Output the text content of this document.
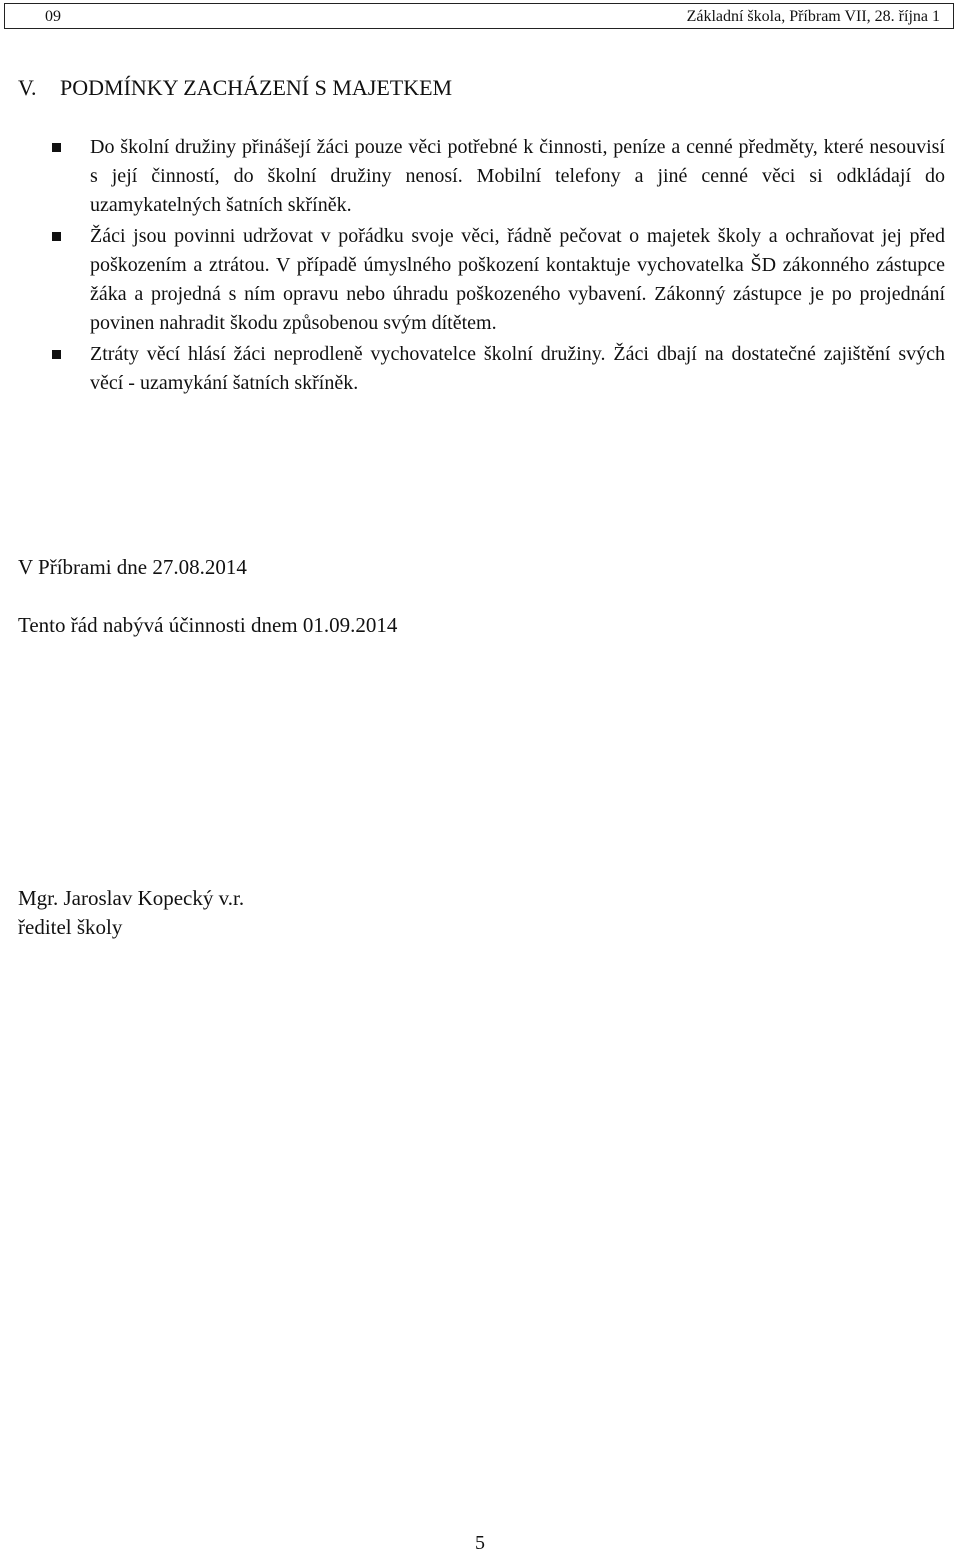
09	Základní škola, Příbram VII, 28. října 1
V. PODMÍNKY ZACHÁZENÍ S MAJETKEM
Do školní družiny přinášejí žáci pouze věci potřebné k činnosti, peníze a cenné předměty, které nesouvisí s její činností, do školní družiny nenosí. Mobilní telefony a jiné cenné věci si odkládají do uzamykatelných šatních skříněk.
Žáci jsou povinni udržovat v pořádku svoje věci, řádně pečovat o majetek školy a ochraňovat jej před poškozením a ztrátou. V případě úmyslného poškození kontaktuje vychovatelka ŠD zákonného zástupce žáka a projedná s ním opravu nebo úhradu poškozeného vybavení. Zákonný zástupce je po projednání povinen nahradit škodu způsobenou svým dítětem.
Ztráty věcí hlásí žáci neprodleně vychovatelce školní družiny. Žáci dbají na dostatečné zajištění svých věcí - uzamykání šatních skříněk.
V Příbrami dne 27.08.2014
Tento řád nabývá účinnosti dnem 01.09.2014
Mgr. Jaroslav Kopecký v.r.
ředitel školy
5
